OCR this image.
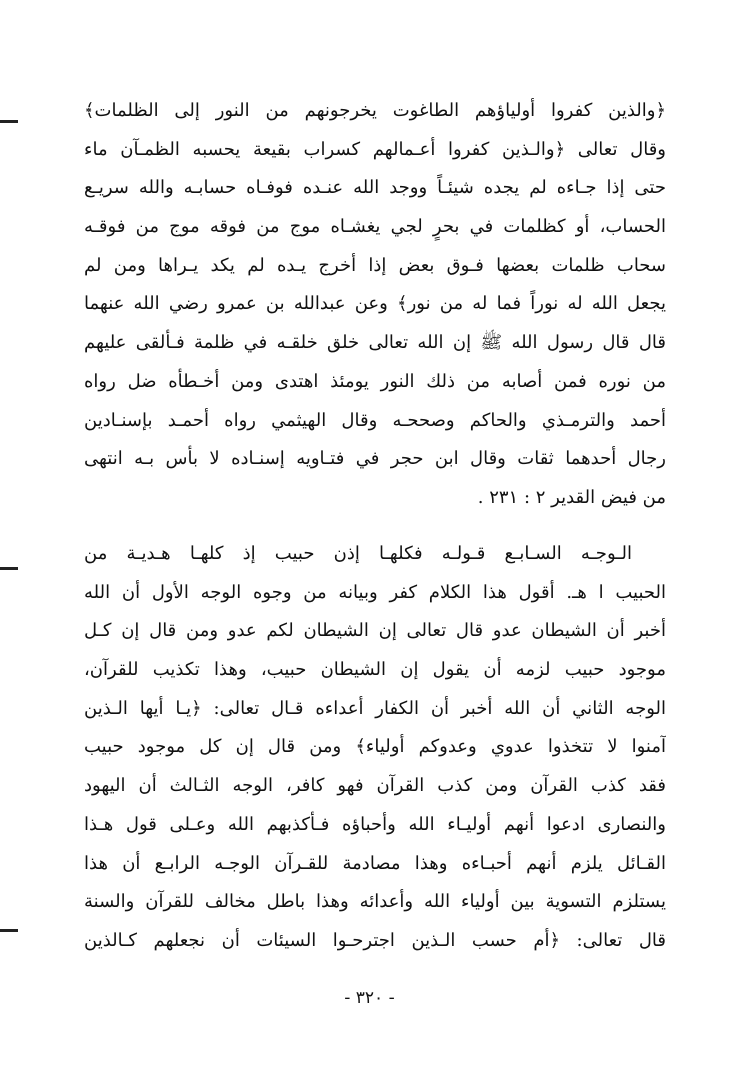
﴿والذين كفروا أولياؤهم الطاغوت يخرجونهم من النور إلى الظلمات﴾
وقال تعالى ﴿والـذين كفروا أعـمالهم كسراب بقيعة يحسبه الظمـآن ماء
حتى إذا جـاءه لم يجده شيئـاً ووجد الله عنـده فوفـاه حسابـه والله سريـع
الحساب، أو كظلمات في بحرٍ لجي يغشـاه موج من فوقه موج من فوقـه
سحاب ظلمات بعضها فـوق بعض إذا أخرج يـده لم يكد يـراها ومن لم
يجعل الله له نوراً فما له من نور﴾ وعن عبدالله بن عمرو رضي الله عنهما
قال قال رسول الله ﷺ إن الله تعالى خلق خلقـه في ظلمة فـألقى عليهم
من نوره فمن أصابه من ذلك النور يومئذ اهتدى ومن أخـطأه ضل رواه
أحمد والترمـذي والحاكم وصححـه وقال الهيثمي رواه أحمـد بإسنـادين
رجال أحدهما ثقات وقال ابن حجر في فتـاويه إسنـاده لا بأس بـه انتهى
من فيض القدير ٢ : ٢٣١ .
الـوجـه السـابـع قـولـه فكلهـا إذن حبيب إذ كلهـا هـديـة من
الحبيب ا هـ. أقول هذا الكلام كفر وبيانه من وجوه الوجه الأول أن الله
أخبر أن الشيطان عدو قال تعالى إن الشيطان لكم عدو ومن قال إن كـل
موجود حبيب لزمه أن يقول إن الشيطان حبيب، وهذا تكذيب للقرآن،
الوجه الثاني أن الله أخبر أن الكفار أعداءه قـال تعالى: ﴿يـا أيها الـذين
آمنوا لا تتخذوا عدوي وعدوكم أولياء﴾ ومن قال إن كل موجود حبيب
فقد كذب القرآن ومن كذب القرآن فهو كافر، الوجه الثـالث أن اليهود
والنصارى ادعوا أنهم أوليـاء الله وأحباؤه فـأكذبهم الله وعـلى قول هـذا
القـائل يلزم أنهم أحبـاءه وهذا مصادمة للقـرآن الوجـه الرابـع أن هذا
يستلزم التسوية بين أولياء الله وأعدائه وهذا باطل مخالف للقرآن والسنة
قال تعالى: ﴿أم حسب الـذين اجترحـوا السيئات أن نجعلهم كـالذين
- ٣٢٠ -
